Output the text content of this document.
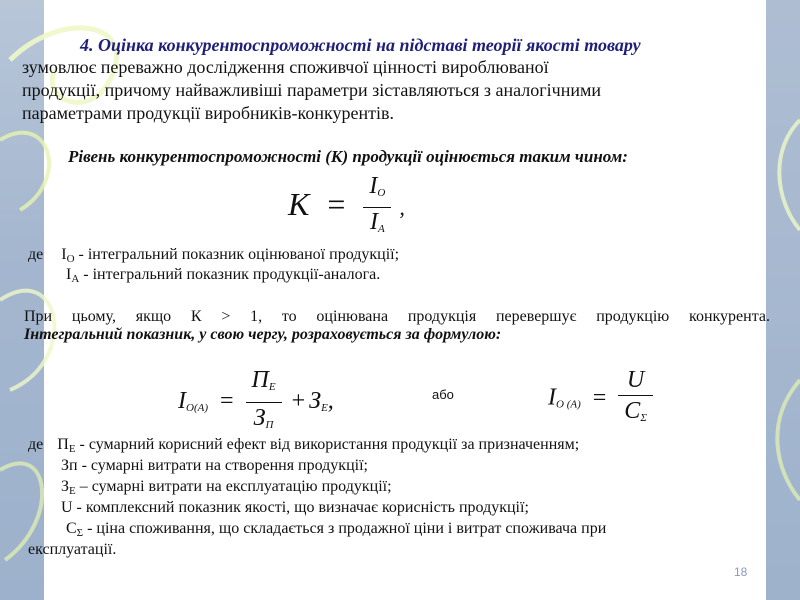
4. Оцінка конкурентоспроможності на підставі теорії якості товару
зумовлює переважно дослідження споживчої цінності вироблюваної
продукції, причому найважливіші параметри зіставляються з аналогічними
параметрами продукції виробників-конкурентів.
Рівень конкурентоспроможності (К) продукції оцінюється таким чином:
$K = \frac{I_O}{I_A}$ ,
де $I_O$ - інтегральний показник оцінюваної продукції;
$I_A$ - інтегральний показник продукції-аналога.
При цьому, якщо К > 1, то оцінювана продукція перевершує продукцію конкурента.
Інтегральний показник, у свою чергу, розраховується за формулою:
$I_{O(A)} = \frac{П_E}{З_П} + З_E$,	або	$I_{O (A)} = \frac{U}{C_\Sigma}$
де $П_E$ - сумарний корисний ефект від використання продукції за призначенням;
Зп - сумарні витрати на створення продукції;
$З_E$ – сумарні витрати на експлуатацію продукції;
U - комплексний показник якості, що визначає корисність продукції;
$C_\Sigma$ - ціна споживання, що складається з продажної ціни і витрат споживача при
експлуатації.
18
